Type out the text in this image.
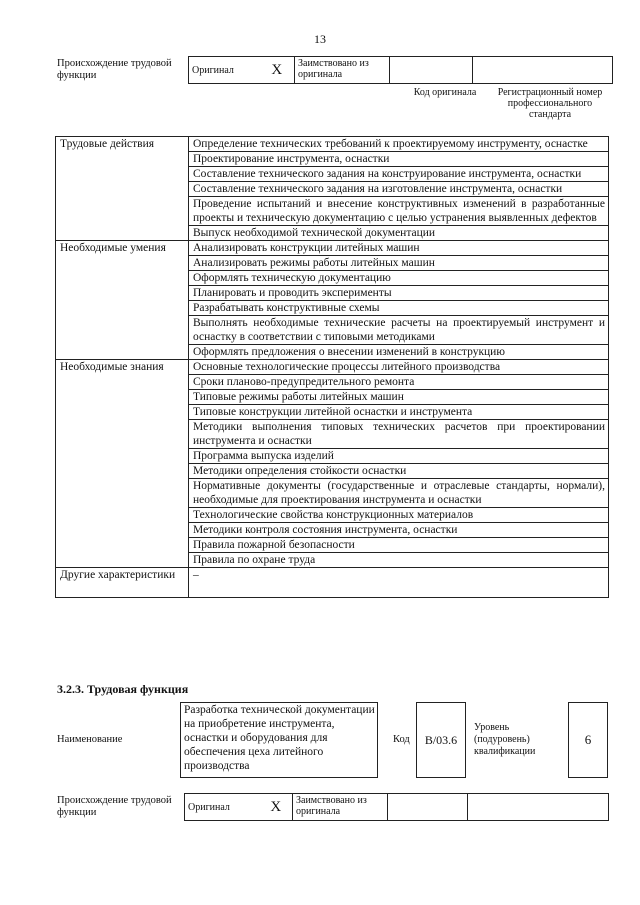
13
Происхождение трудовой функции	Оригинал	X	Заимствовано из оригинала		
Код оригинала	Регистрационный номер профессионального стандарта
Трудовые действия	Определение технических требований к проектируемому инструменту, оснастке
	Проектирование инструмента, оснастки
	Составление технического задания на конструирование инструмента, оснастки
	Составление технического задания на изготовление инструмента, оснастки
	Проведение испытаний и внесение конструктивных изменений в разработанные проекты и техническую документацию с целью устранения выявленных дефектов
	Выпуск необходимой технической документации
Необходимые умения	Анализировать конструкции литейных машин
	Анализировать режимы работы литейных машин
	Оформлять техническую документацию
	Планировать и проводить эксперименты
	Разрабатывать конструктивные схемы
	Выполнять необходимые технические расчеты на проектируемый инструмент и оснастку в соответствии с типовыми методиками
	Оформлять предложения о внесении изменений в конструкцию
Необходимые знания	Основные технологические процессы литейного производства
	Сроки планово-предупредительного ремонта
	Типовые режимы работы литейных машин
	Типовые конструкции литейной оснастки и инструмента
	Методики выполнения типовых технических расчетов при проектировании инструмента и оснастки
	Программа выпуска изделий
	Методики определения стойкости оснастки
	Нормативные документы (государственные и отраслевые стандарты, нормали), необходимые для проектирования инструмента и оснастки
	Технологические свойства конструкционных материалов
	Методики контроля состояния инструмента, оснастки
	Правила пожарной безопасности
	Правила по охране труда
Другие характеристики	–
3.2.3. Трудовая функция
Наименование
Разработка технической документации на приобретение инструмента, оснастки и оборудования для обеспечения цеха литейного производства
Код	В/03.6
Уровень (подуровень) квалификации
6
Происхождение трудовой функции	Оригинал	X	Заимствовано из оригинала		
